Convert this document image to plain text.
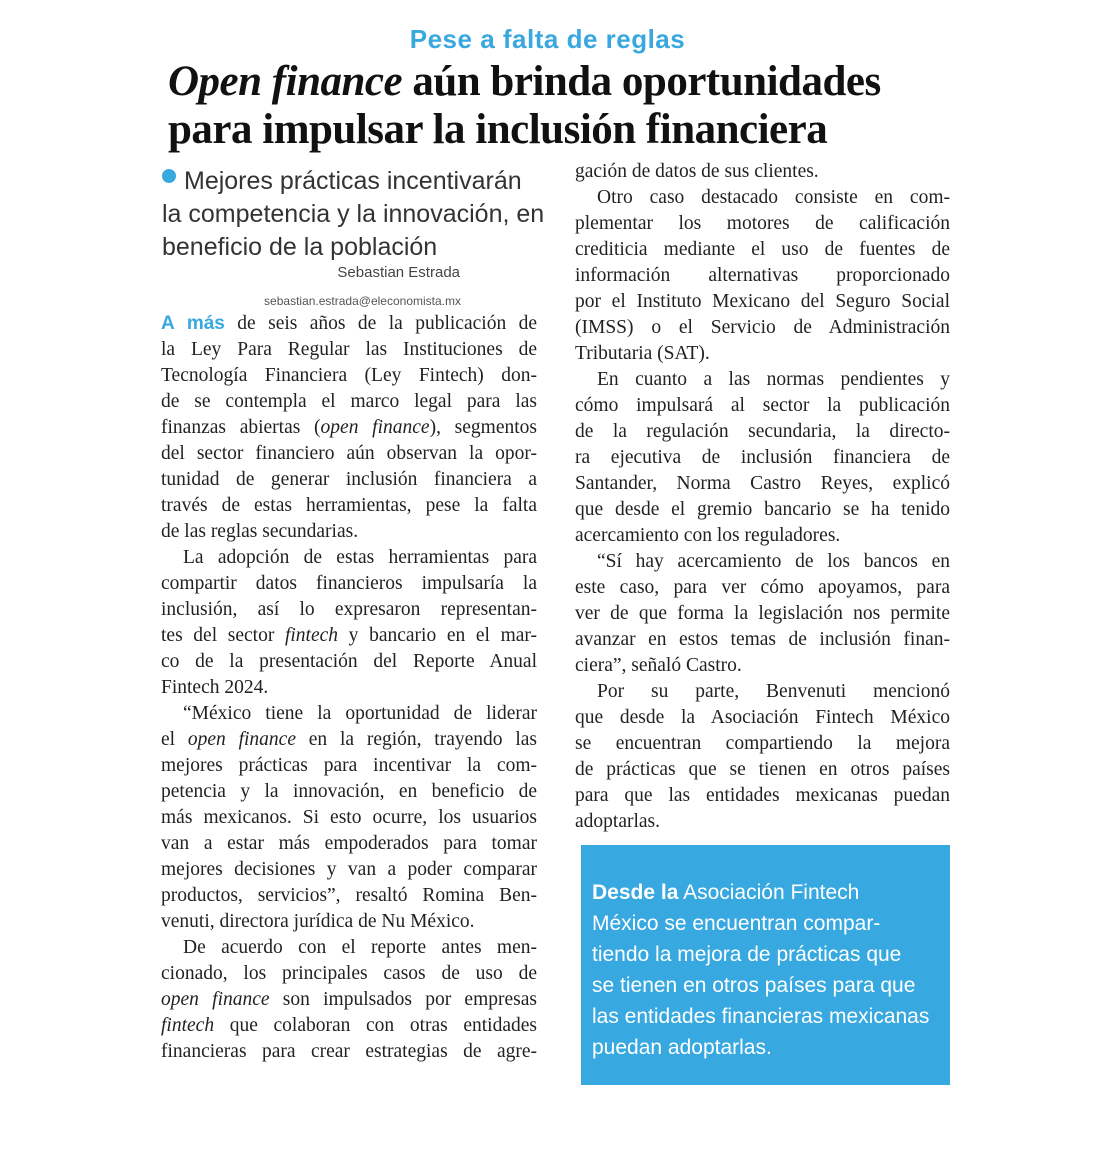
Pese a falta de reglas
Open finance aún brinda oportunidades
para impulsar la inclusión financiera
Mejores prácticas incentivarán
la competencia y la innovación, en
beneficio de la población
Sebastian Estrada
sebastian.estrada@eleconomista.mx

A más de seis años de la publicación de
la Ley Para Regular las Instituciones de
Tecnología Financiera (Ley Fintech) don-
de se contempla el marco legal para las
finanzas abiertas (open finance), segmentos
del sector financiero aún observan la opor-
tunidad de generar inclusión financiera a
través de estas herramientas, pese la falta
de las reglas secundarias.

La adopción de estas herramientas para
compartir datos financieros impulsaría la
inclusión, así lo expresaron representan-
tes del sector fintech y bancario en el mar-
co de la presentación del Reporte Anual
Fintech 2024.

“México tiene la oportunidad de liderar
el open finance en la región, trayendo las
mejores prácticas para incentivar la com-
petencia y la innovación, en beneficio de
más mexicanos. Si esto ocurre, los usuarios
van a estar más empoderados para tomar
mejores decisiones y van a poder comparar
productos, servicios”, resaltó Romina Ben-
venuti, directora jurídica de Nu México.

De acuerdo con el reporte antes men-
cionado, los principales casos de uso de
open finance son impulsados por empresas
fintech que colaboran con otras entidades
financieras para crear estrategias de agre-

gación de datos de sus clientes.

Otro caso destacado consiste en com-
plementar los motores de calificación
crediticia mediante el uso de fuentes de
información alternativas proporcionado
por el Instituto Mexicano del Seguro Social
(IMSS) o el Servicio de Administración
Tributaria (SAT).

En cuanto a las normas pendientes y
cómo impulsará al sector la publicación
de la regulación secundaria, la directo-
ra ejecutiva de inclusión financiera de
Santander, Norma Castro Reyes, explicó
que desde el gremio bancario se ha tenido
acercamiento con los reguladores.

“Sí hay acercamiento de los bancos en
este caso, para ver cómo apoyamos, para
ver de que forma la legislación nos permite
avanzar en estos temas de inclusión finan-
ciera”, señaló Castro.

Por su parte, Benvenuti mencionó
que desde la Asociación Fintech México
se encuentran compartiendo la mejora
de prácticas que se tienen en otros países
para que las entidades mexicanas puedan
adoptarlas.

Desde la Asociación Fintech
México se encuentran compar-
tiendo la mejora de prácticas que
se tienen en otros países para que
las entidades financieras mexicanas
puedan adoptarlas.
